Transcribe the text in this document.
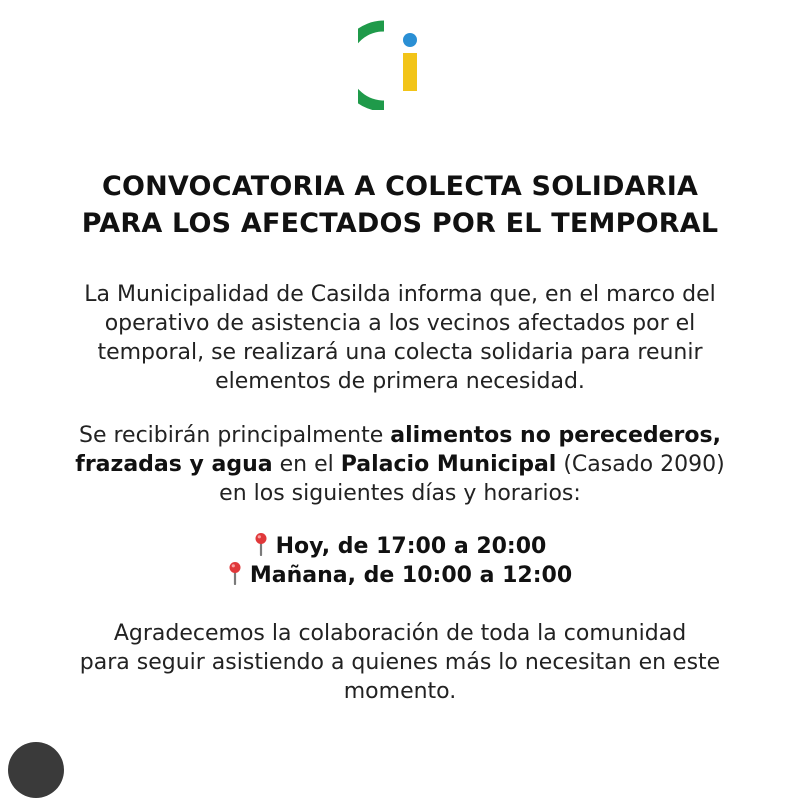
CONVOCATORIA A COLECTA SOLIDARIA
PARA LOS AFECTADOS POR EL TEMPORAL
La Municipalidad de Casilda informa que, en el marco del
operativo de asistencia a los vecinos afectados por el
temporal, se realizará una colecta solidaria para reunir
elementos de primera necesidad.
Se recibirán principalmente alimentos no perecederos,
frazadas y agua en el Palacio Municipal (Casado 2090)
en los siguientes días y horarios:
Hoy, de 17:00 a 20:00
Mañana, de 10:00 a 12:00
Agradecemos la colaboración de toda la comunidad
para seguir asistiendo a quienes más lo necesitan en este
momento.
